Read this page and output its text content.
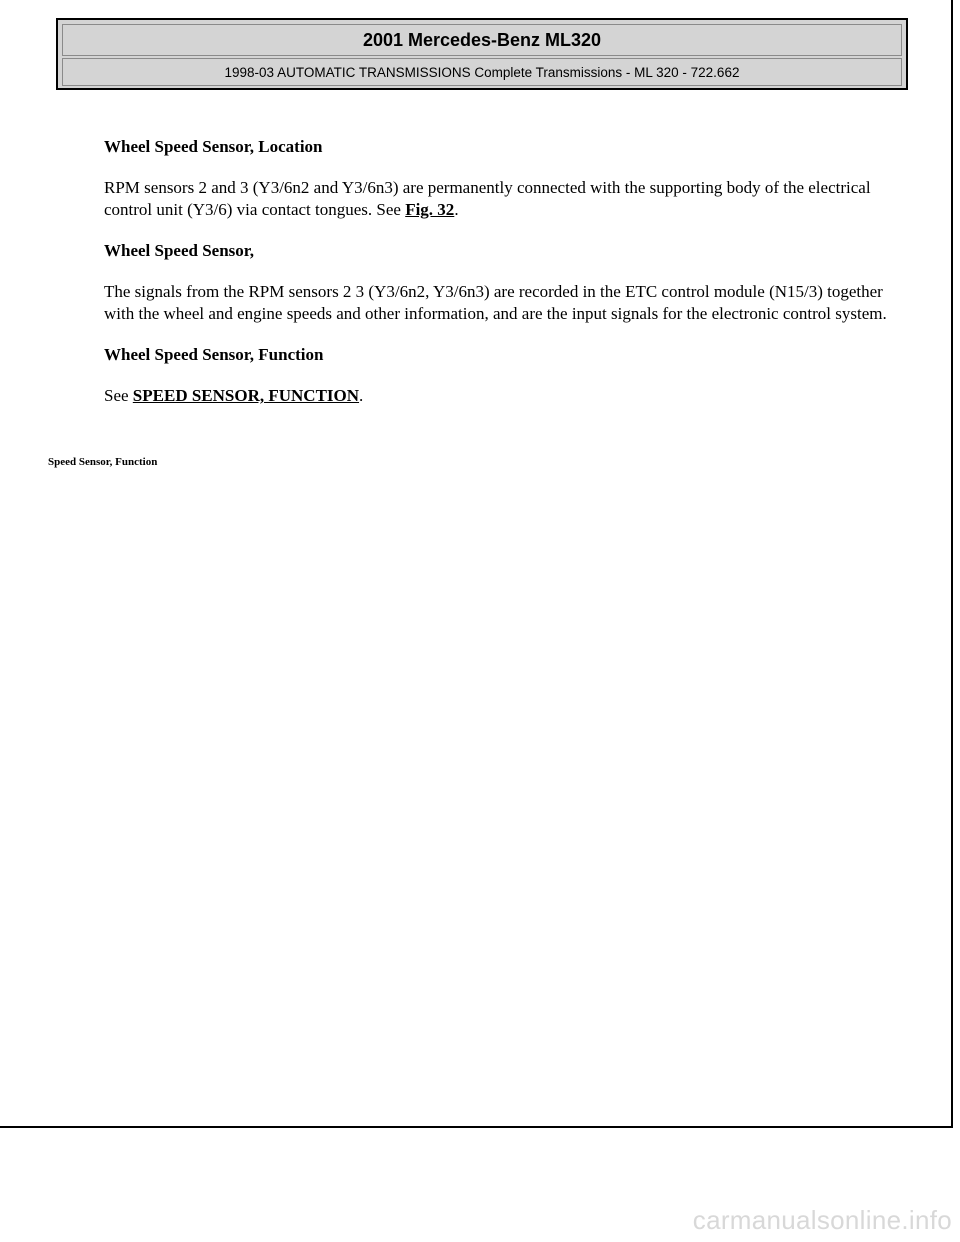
2001 Mercedes-Benz ML320
1998-03 AUTOMATIC TRANSMISSIONS Complete Transmissions - ML 320 - 722.662
Wheel Speed Sensor, Location

RPM sensors 2 and 3 (Y3/6n2 and Y3/6n3) are permanently connected with the supporting body of the electrical control unit (Y3/6) via contact tongues. See Fig. 32.

Wheel Speed Sensor,

The signals from the RPM sensors 2 3 (Y3/6n2, Y3/6n3) are recorded in the ETC control module (N15/3) together with the wheel and engine speeds and other information, and are the input signals for the electronic control system.

Wheel Speed Sensor, Function

See SPEED SENSOR, FUNCTION.

Speed Sensor, Function
carmanualsonline.info
